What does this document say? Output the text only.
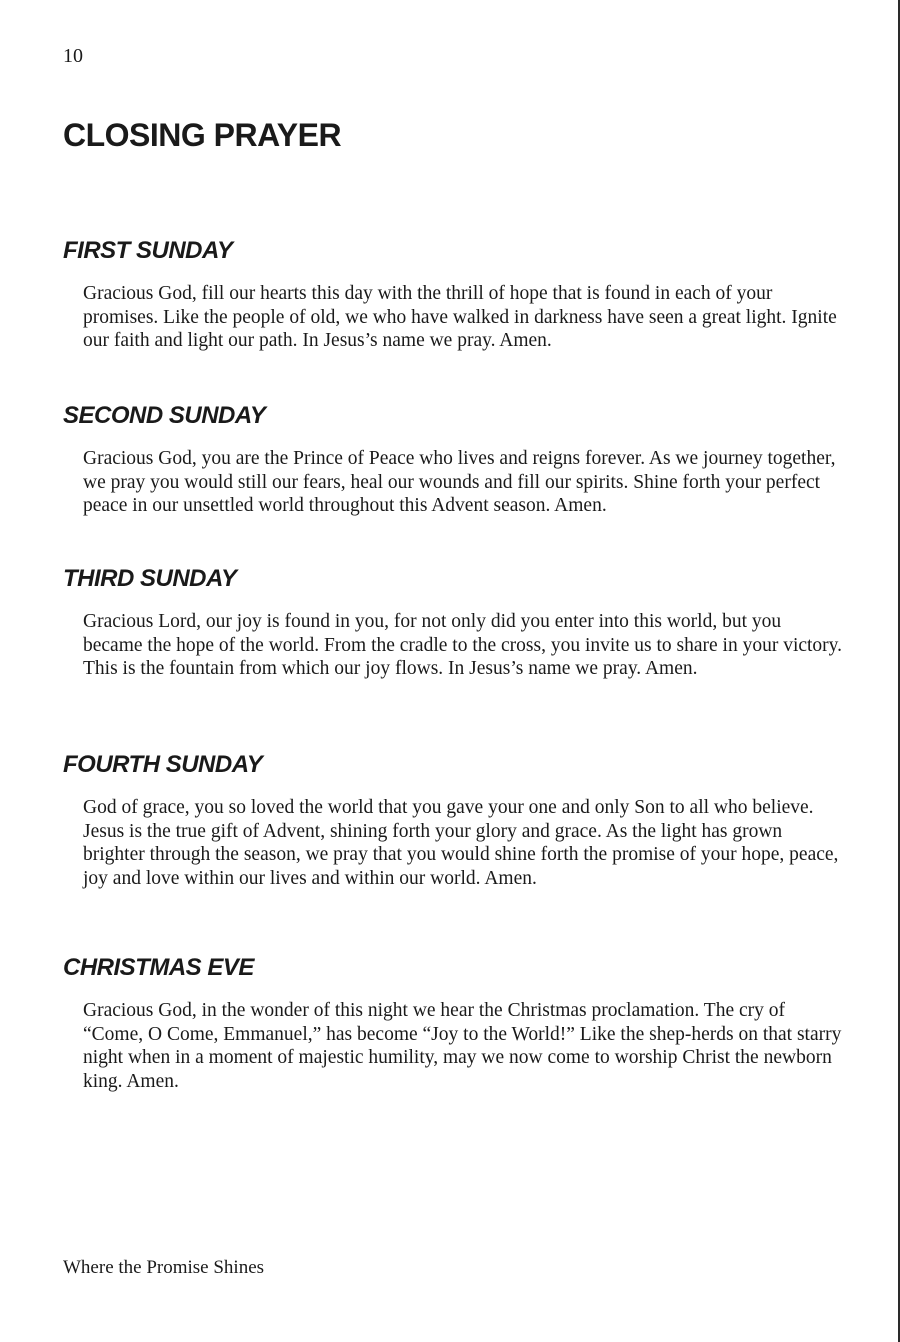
10
CLOSING PRAYER
FIRST SUNDAY

Gracious God, fill our hearts this day with the thrill of hope that is found in each of your promises. Like the people of old, we who have walked in darkness have seen a great light. Ignite our faith and light our path. In Jesus’s name we pray. Amen.

SECOND SUNDAY

Gracious God, you are the Prince of Peace who lives and reigns forever. As we journey together, we pray you would still our fears, heal our wounds and fill our spirits. Shine forth your perfect peace in our unsettled world throughout this Advent season. Amen.

THIRD SUNDAY

Gracious Lord, our joy is found in you, for not only did you enter into this world, but you became the hope of the world. From the cradle to the cross, you invite us to share in your victory. This is the fountain from which our joy flows. In Jesus’s name we pray. Amen.

FOURTH SUNDAY

God of grace, you so loved the world that you gave your one and only Son to all who believe. Jesus is the true gift of Advent, shining forth your glory and grace. As the light has grown brighter through the season, we pray that you would shine forth the promise of your hope, peace, joy and love within our lives and within our world. Amen.

CHRISTMAS EVE

Gracious God, in the wonder of this night we hear the Christmas proclamation. The cry of “Come, O Come, Emmanuel,” has become “Joy to the World!” Like the shep-herds on that starry night when in a moment of majestic humility, may we now come to worship Christ the newborn king. Amen.

Where the Promise Shines
